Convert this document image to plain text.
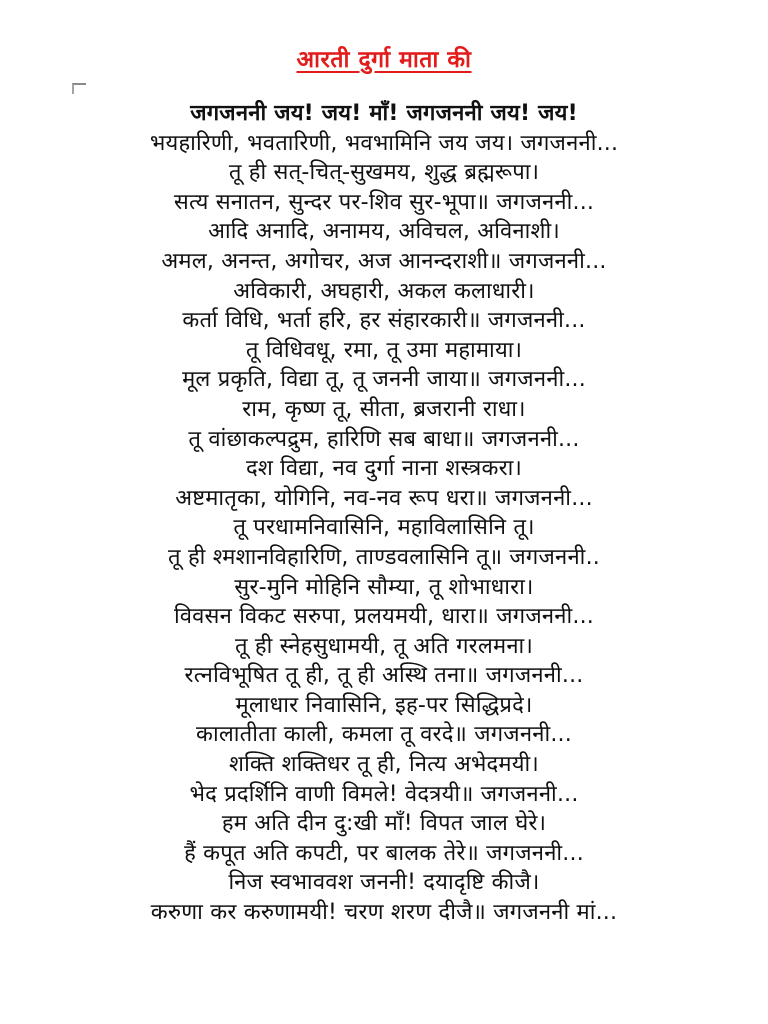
आरती दुर्गा माता की
जगजननी जय! जय! माँ! जगजननी जय! जय!
भयहारिणी, भवतारिणी, भवभामिनि जय जय। जगजननी...
तू ही सत्-चित्-सुखमय, शुद्ध ब्रह्मरूपा।
सत्य सनातन, सुन्दर पर-शिव सुर-भूपा॥ जगजननी...
आदि अनादि, अनामय, अविचल, अविनाशी।
अमल, अनन्त, अगोचर, अज आनन्दराशी॥ जगजननी...
अविकारी, अघहारी, अकल कलाधारी।
कर्ता विधि, भर्ता हरि, हर संहारकारी॥ जगजननी...
तू विधिवधू, रमा, तू उमा महामाया।
मूल प्रकृति, विद्या तू, तू जननी जाया॥ जगजननी...
राम, कृष्ण तू, सीता, ब्रजरानी राधा।
तू वांछाकल्पद्रुम, हारिणि सब बाधा॥ जगजननी...
दश विद्या, नव दुर्गा नाना शस्त्रकरा।
अष्टमातृका, योगिनि, नव-नव रूप धरा॥ जगजननी...
तू परधामनिवासिनि, महाविलासिनि तू।
तू ही श्मशानविहारिणि, ताण्डवलासिनि तू॥ जगजननी..
सुर-मुनि मोहिनि सौम्या, तू शोभाधारा।
विवसन विकट सरुपा, प्रलयमयी, धारा॥ जगजननी...
तू ही स्नेहसुधामयी, तू अति गरलमना।
रत्नविभूषित तू ही, तू ही अस्थि तना॥ जगजननी...
मूलाधार निवासिनि, इह-पर सिद्धिप्रदे।
कालातीता काली, कमला तू वरदे॥ जगजननी...
शक्ति शक्तिधर तू ही, नित्य अभेदमयी।
भेद प्रदर्शिनि वाणी विमले! वेदत्रयी॥ जगजननी...
हम अति दीन दु:खी माँ! विपत जाल घेरे।
हैं कपूत अति कपटी, पर बालक तेरे॥ जगजननी...
निज स्वभाववश जननी! दयादृष्टि कीजै।
करुणा कर करुणामयी! चरण शरण दीजै॥ जगजननी मां...
